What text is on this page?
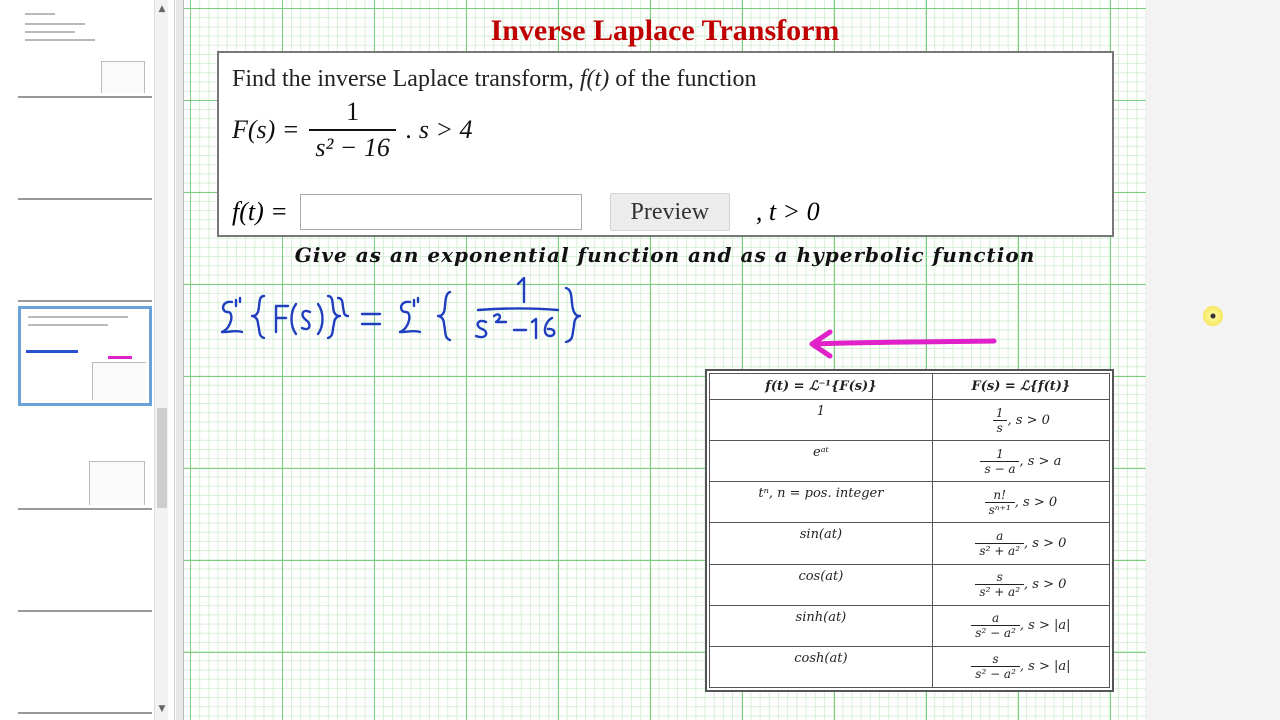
▲
▼
Inverse Laplace Transform
Find the inverse Laplace transform, f(t) of the function
$F(s) = \frac{1}{\text{s² − 16}}$ . s > 4
f(t) =	Preview	, t > 0
Give as an exponential function and as a hyperbolic function
f(t) = ℒ⁻¹{F(s)}	F(s) = ℒ{f(t)}
1	$\frac{1}{s}$ , s > 0
eᵃᵗ	$\frac{1}{s - a}$ , s > a
tⁿ, n = pos. integer	$\frac{n!}{\text{sⁿ⁺¹}}$ , s > 0
sin(at)	$\frac{a}{\text{s² + a²}}$ , s > 0
cos(at)	$\frac{s}{\text{s² + a²}}$ , s > 0
sinh(at)	$\frac{a}{\text{s² − a²}}$ , s > |a|
cosh(at)	$\frac{s}{\text{s² − a²}}$ , s > |a|
